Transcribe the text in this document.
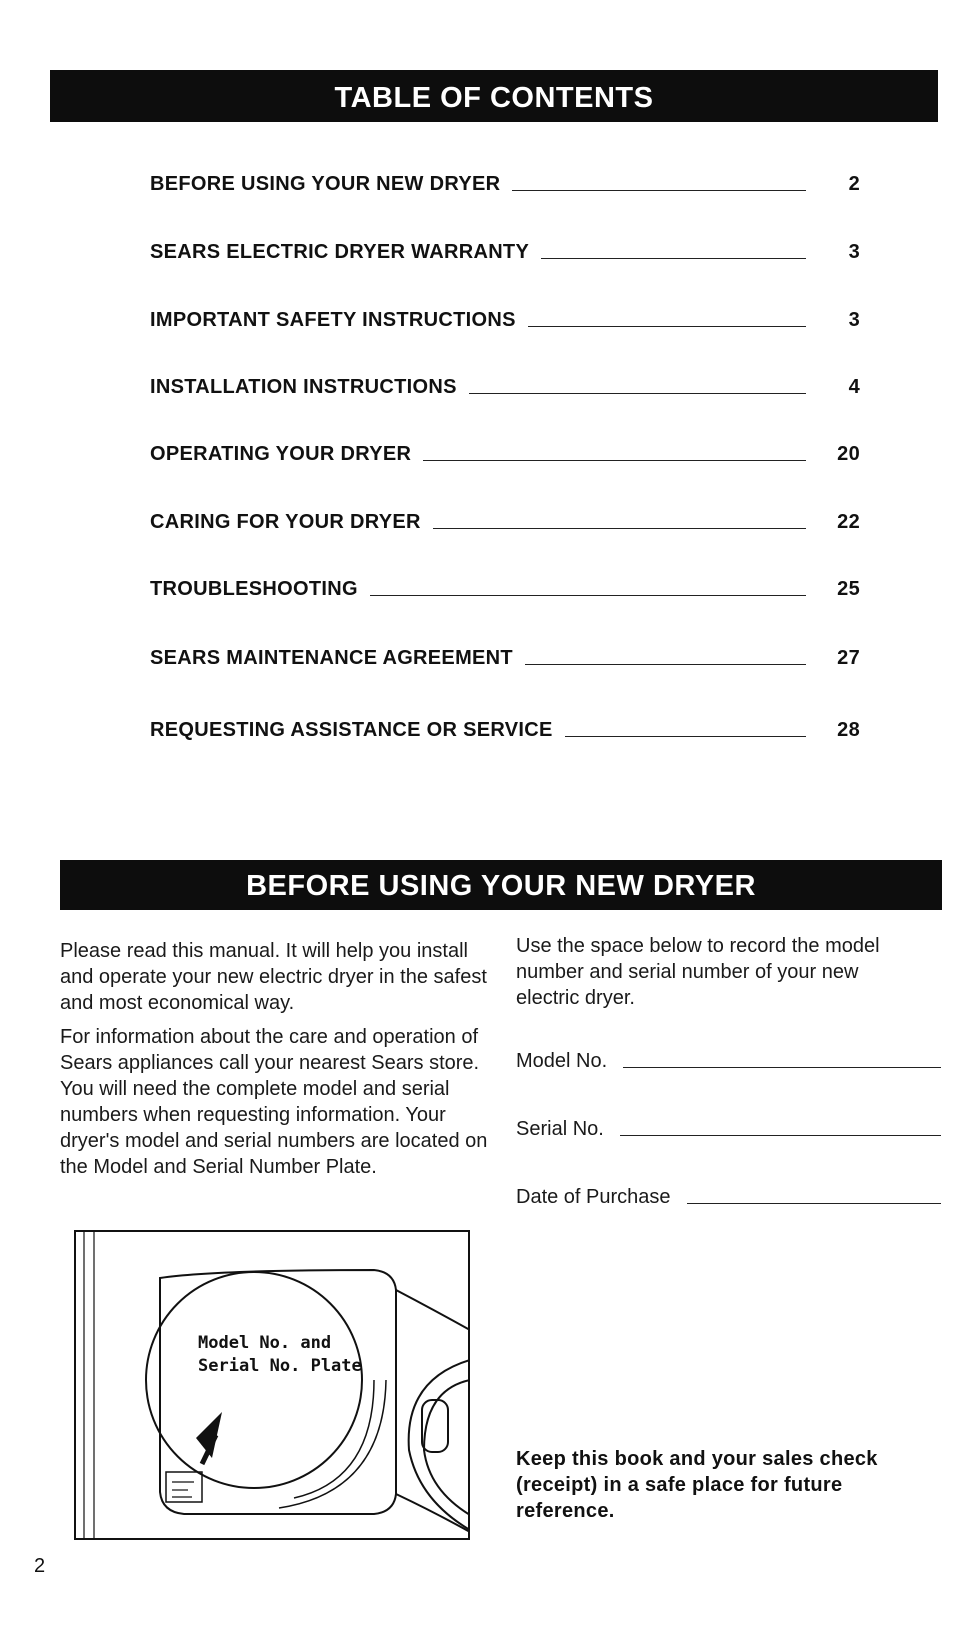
TABLE OF CONTENTS
BEFORE USING YOUR NEW DRYER	2
SEARS ELECTRIC DRYER WARRANTY	3
IMPORTANT SAFETY INSTRUCTIONS	3
INSTALLATION INSTRUCTIONS	4
OPERATING YOUR DRYER	20
CARING FOR YOUR DRYER	22
TROUBLESHOOTING	25
SEARS MAINTENANCE AGREEMENT	27
REQUESTING ASSISTANCE OR SERVICE	28
BEFORE USING YOUR NEW DRYER
Please read this manual. It will help you install and operate your new electric dryer in the safest and most economical way.
For information about the care and operation of Sears appliances call your nearest Sears store. You will need the complete model and serial numbers when requesting information. Your dryer's model and serial numbers are located on the Model and Serial Number Plate.
Use the space below to record the model number and serial number of your new electric dryer.
Model No.
Serial No.
Date of Purchase
Model No. and
Serial No. Plate
Keep this book and your sales check (receipt) in a safe place for future reference.
2
